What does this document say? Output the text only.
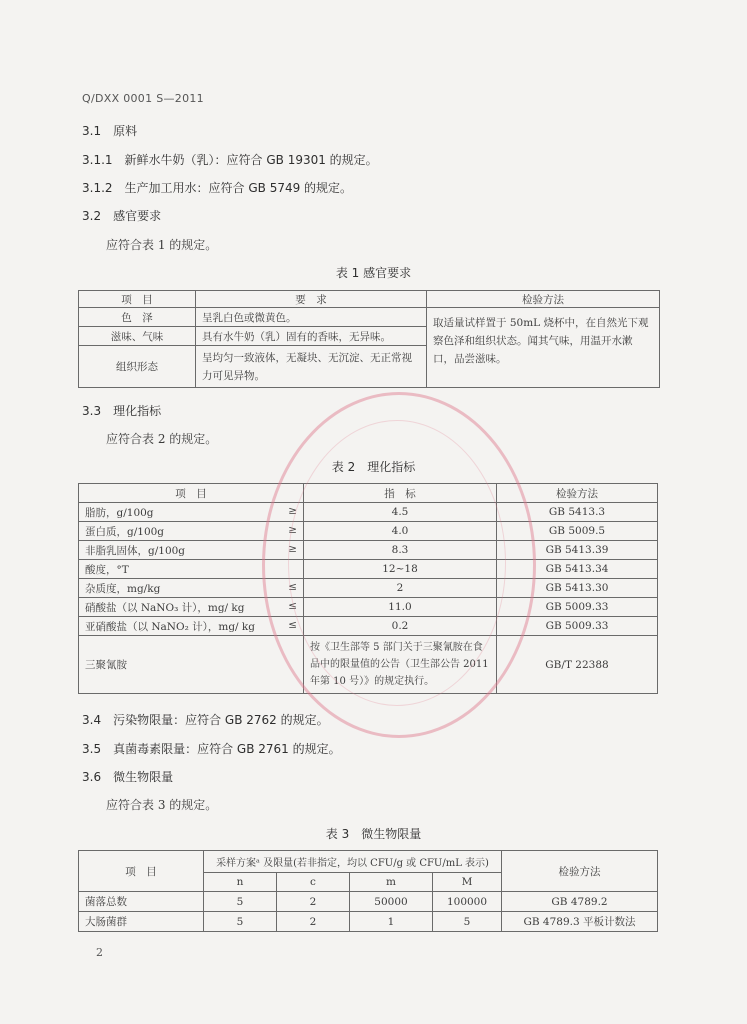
Q/DXX 0001 S—2011
3.1　原料
3.1.1　新鲜水牛奶（乳）：应符合 GB 19301 的规定。
3.1.2　生产加工用水：应符合 GB 5749 的规定。
3.2　感官要求
应符合表 1 的规定。
表 1 感官要求
项　目	要　求	检验方法
色　泽	呈乳白色或微黄色。	取适量试样置于 50mL 烧杯中，在自然光下观察色泽和组织状态。闻其气味，用温开水漱口，品尝滋味。
滋味、气味	具有水牛奶（乳）固有的香味，无异味。	
组织形态	呈均匀一致液体，无凝块、无沉淀、无正常视力可见异物。	
3.3　理化指标
应符合表 2 的规定。
表 2　理化指标
项　目	指　标	检验方法
脂肪，g/100g ≥	4.5	GB 5413.3
蛋白质，g/100g ≥	4.0	GB 5009.5
非脂乳固体，g/100g ≥	8.3	GB 5413.39
酸度，°T	12~18	GB 5413.34
杂质度，mg/kg ≤	2	GB 5413.30
硝酸盐（以 NaNO₃ 计），mg/ kg ≤	11.0	GB 5009.33
亚硝酸盐（以 NaNO₂ 计），mg/ kg ≤	0.2	GB 5009.33
三聚氰胺	按《卫生部等 5 部门关于三聚氰胺在食品中的限量值的公告（卫生部公告 2011 年第 10 号）》的规定执行。	GB/T 22388
3.4　污染物限量：应符合 GB 2762 的规定。
3.5　真菌毒素限量：应符合 GB 2761 的规定。
3.6　微生物限量
应符合表 3 的规定。
表 3　微生物限量
项　目	采样方案ᵃ 及限量(若非指定，均以 CFU/g 或 CFU/mL 表示)				检验方法
	n	c	m	M	
菌落总数	5	2	50000	100000	GB 4789.2
大肠菌群	5	2	1	5	GB 4789.3 平板计数法
2
